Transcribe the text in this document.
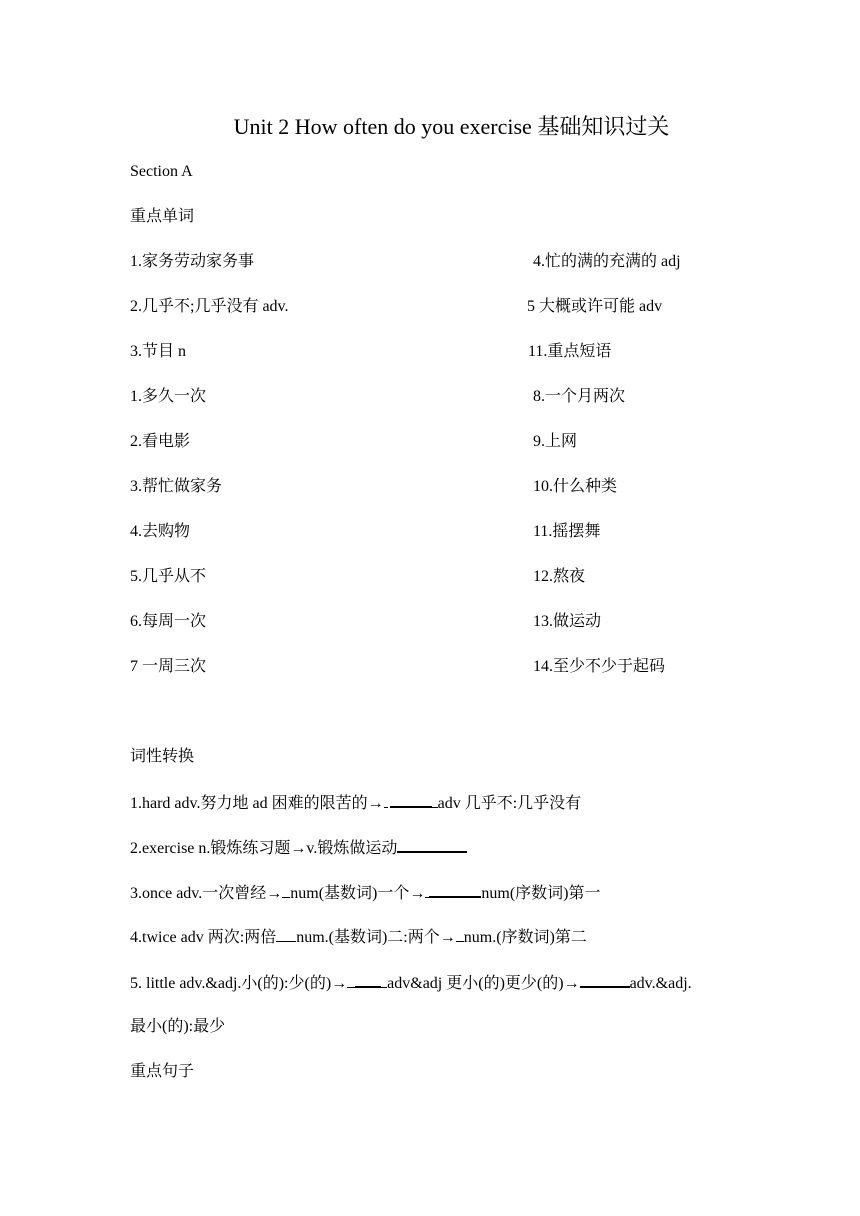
Unit 2 How often do you exercise 基础知识过关
Section A
重点单词
1.家务劳动家务事	4.忙的满的充满的 adj
2.几乎不;几乎没有 adv.	5 大概或许可能 adv
3.节目 n	11.重点短语
1.多久一次	8.一个月两次
2.看电影	9.上网
3.帮忙做家务	10.什么种类
4.去购物	11.摇摆舞
5.几乎从不	12.熬夜
6.每周一次	13.做运动
7 一周三次	14.至少不少于起码
词性转换
1.hard adv.努力地 ad 困难的限苦的→	adv 几乎不:几乎没有
2.exercise n.锻炼练习题→v.锻炼做运动
3.once adv.一次曾经→ num(基数词)一个→	num(序数词)第一
4.twice adv 两次:两倍 num.(基数词)二:两个→ num.(序数词)第二
5. little adv.&adj.小(的):少(的)→	adv&adj 更小(的)更少(的)→	adv.&adj.
最小(的):最少
重点句子
